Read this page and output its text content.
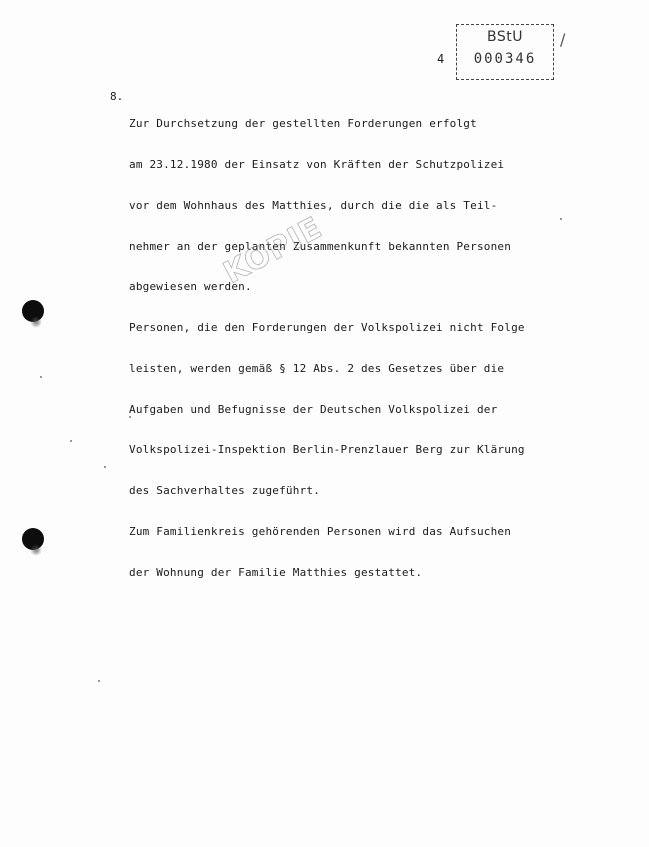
BStU
000346
/
4
8.

Zur Durchsetzung der gestellten Forderungen erfolgt

am 23.12.1980 der Einsatz von Kräften der Schutzpolizei

vor dem Wohnhaus des Matthies, durch die die als Teil-

nehmer an der geplanten Zusammenkunft bekannten Personen

abgewiesen werden.

Personen, die den Forderungen der Volkspolizei nicht Folge

leisten, werden gemäß § 12 Abs. 2 des Gesetzes über die

Aufgaben und Befugnisse der Deutschen Volkspolizei der

Volkspolizei-Inspektion Berlin-Prenzlauer Berg zur Klärung

des Sachverhaltes zugeführt.

Zum Familienkreis gehörenden Personen wird das Aufsuchen

der Wohnung der Familie Matthies gestattet.

KOPIE
